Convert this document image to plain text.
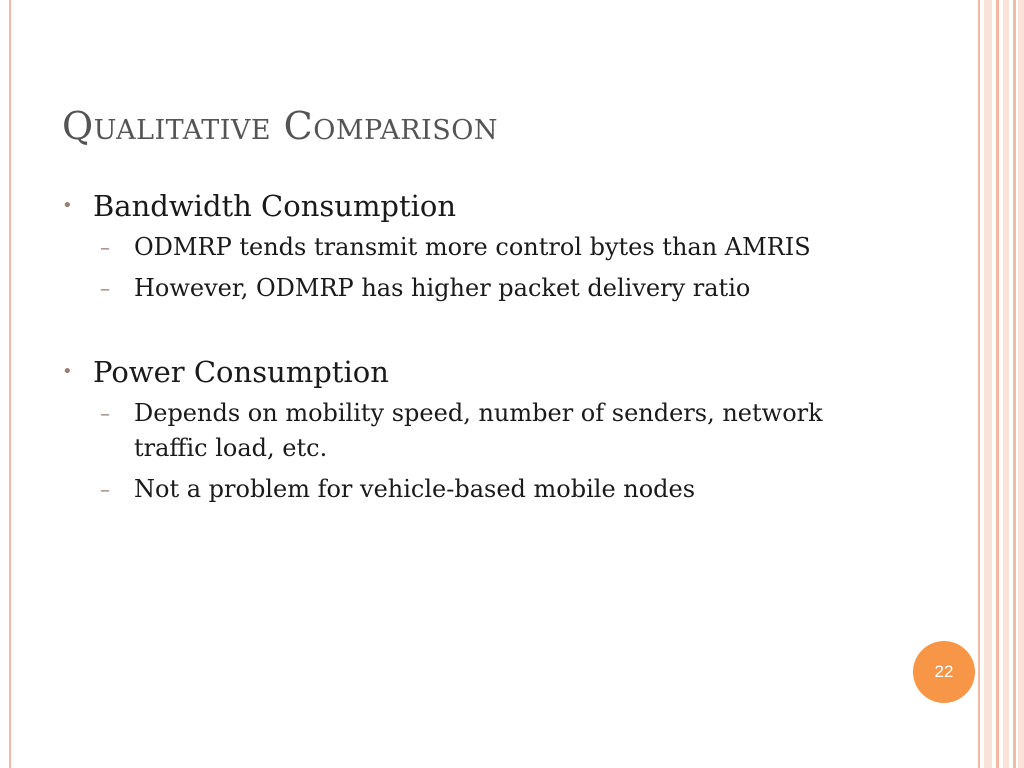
Qualitative Comparison
• Bandwidth Consumption
– ODMRP tends transmit more control bytes than AMRIS
– However, ODMRP has higher packet delivery ratio
• Power Consumption
– Depends on mobility speed, number of senders, network traffic load, etc.
– Not a problem for vehicle-based mobile nodes
22
